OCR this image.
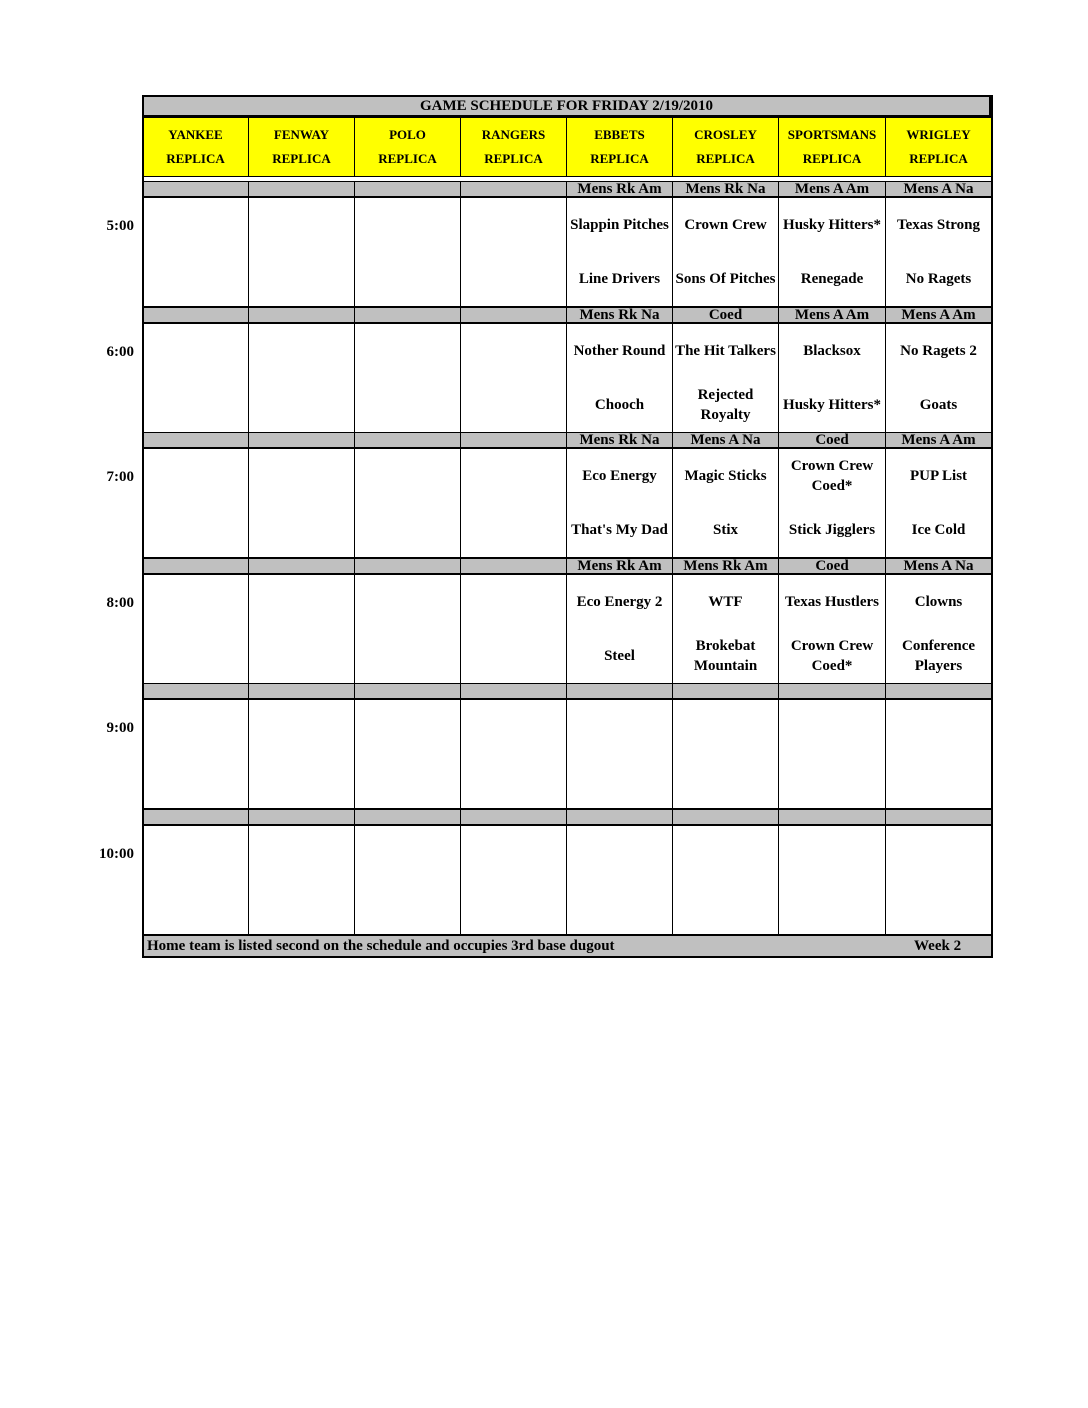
GAME SCHEDULE FOR FRIDAY 2/19/2010
YANKEE
REPLICA
FENWAY
REPLICA
POLO
REPLICA
RANGERS
REPLICA
EBBETS
REPLICA
CROSLEY
REPLICA
SPORTSMANS
REPLICA
WRIGLEY
REPLICA
Mens Rk Am
Slappin Pitches
Line Drivers
Mens Rk Na
Crown Crew
Sons Of Pitches
Mens A Am
Husky Hitters*
Renegade
Mens A Na
Texas Strong
No Ragets
Mens Rk Na
Nother Round
Chooch
Coed
The Hit Talkers
Rejected Royalty
Mens A Am
Blacksox
Husky Hitters*
Mens A Am
No Ragets 2
Goats
Mens Rk Na
Eco Energy
That's My Dad
Mens A Na
Magic Sticks
Stix
Coed
Crown Crew Coed*
Stick Jigglers
Mens A Am
PUP List
Ice Cold
Mens Rk Am
Eco Energy 2
Steel
Mens Rk Am
WTF
Brokebat Mountain
Coed
Texas Hustlers
Crown Crew Coed*
Mens A Na
Clowns
Conference Players
Home team is listed second on the schedule and occupies 3rd base dugout	Week 2
5:00
6:00
7:00
8:00
9:00
10:00
